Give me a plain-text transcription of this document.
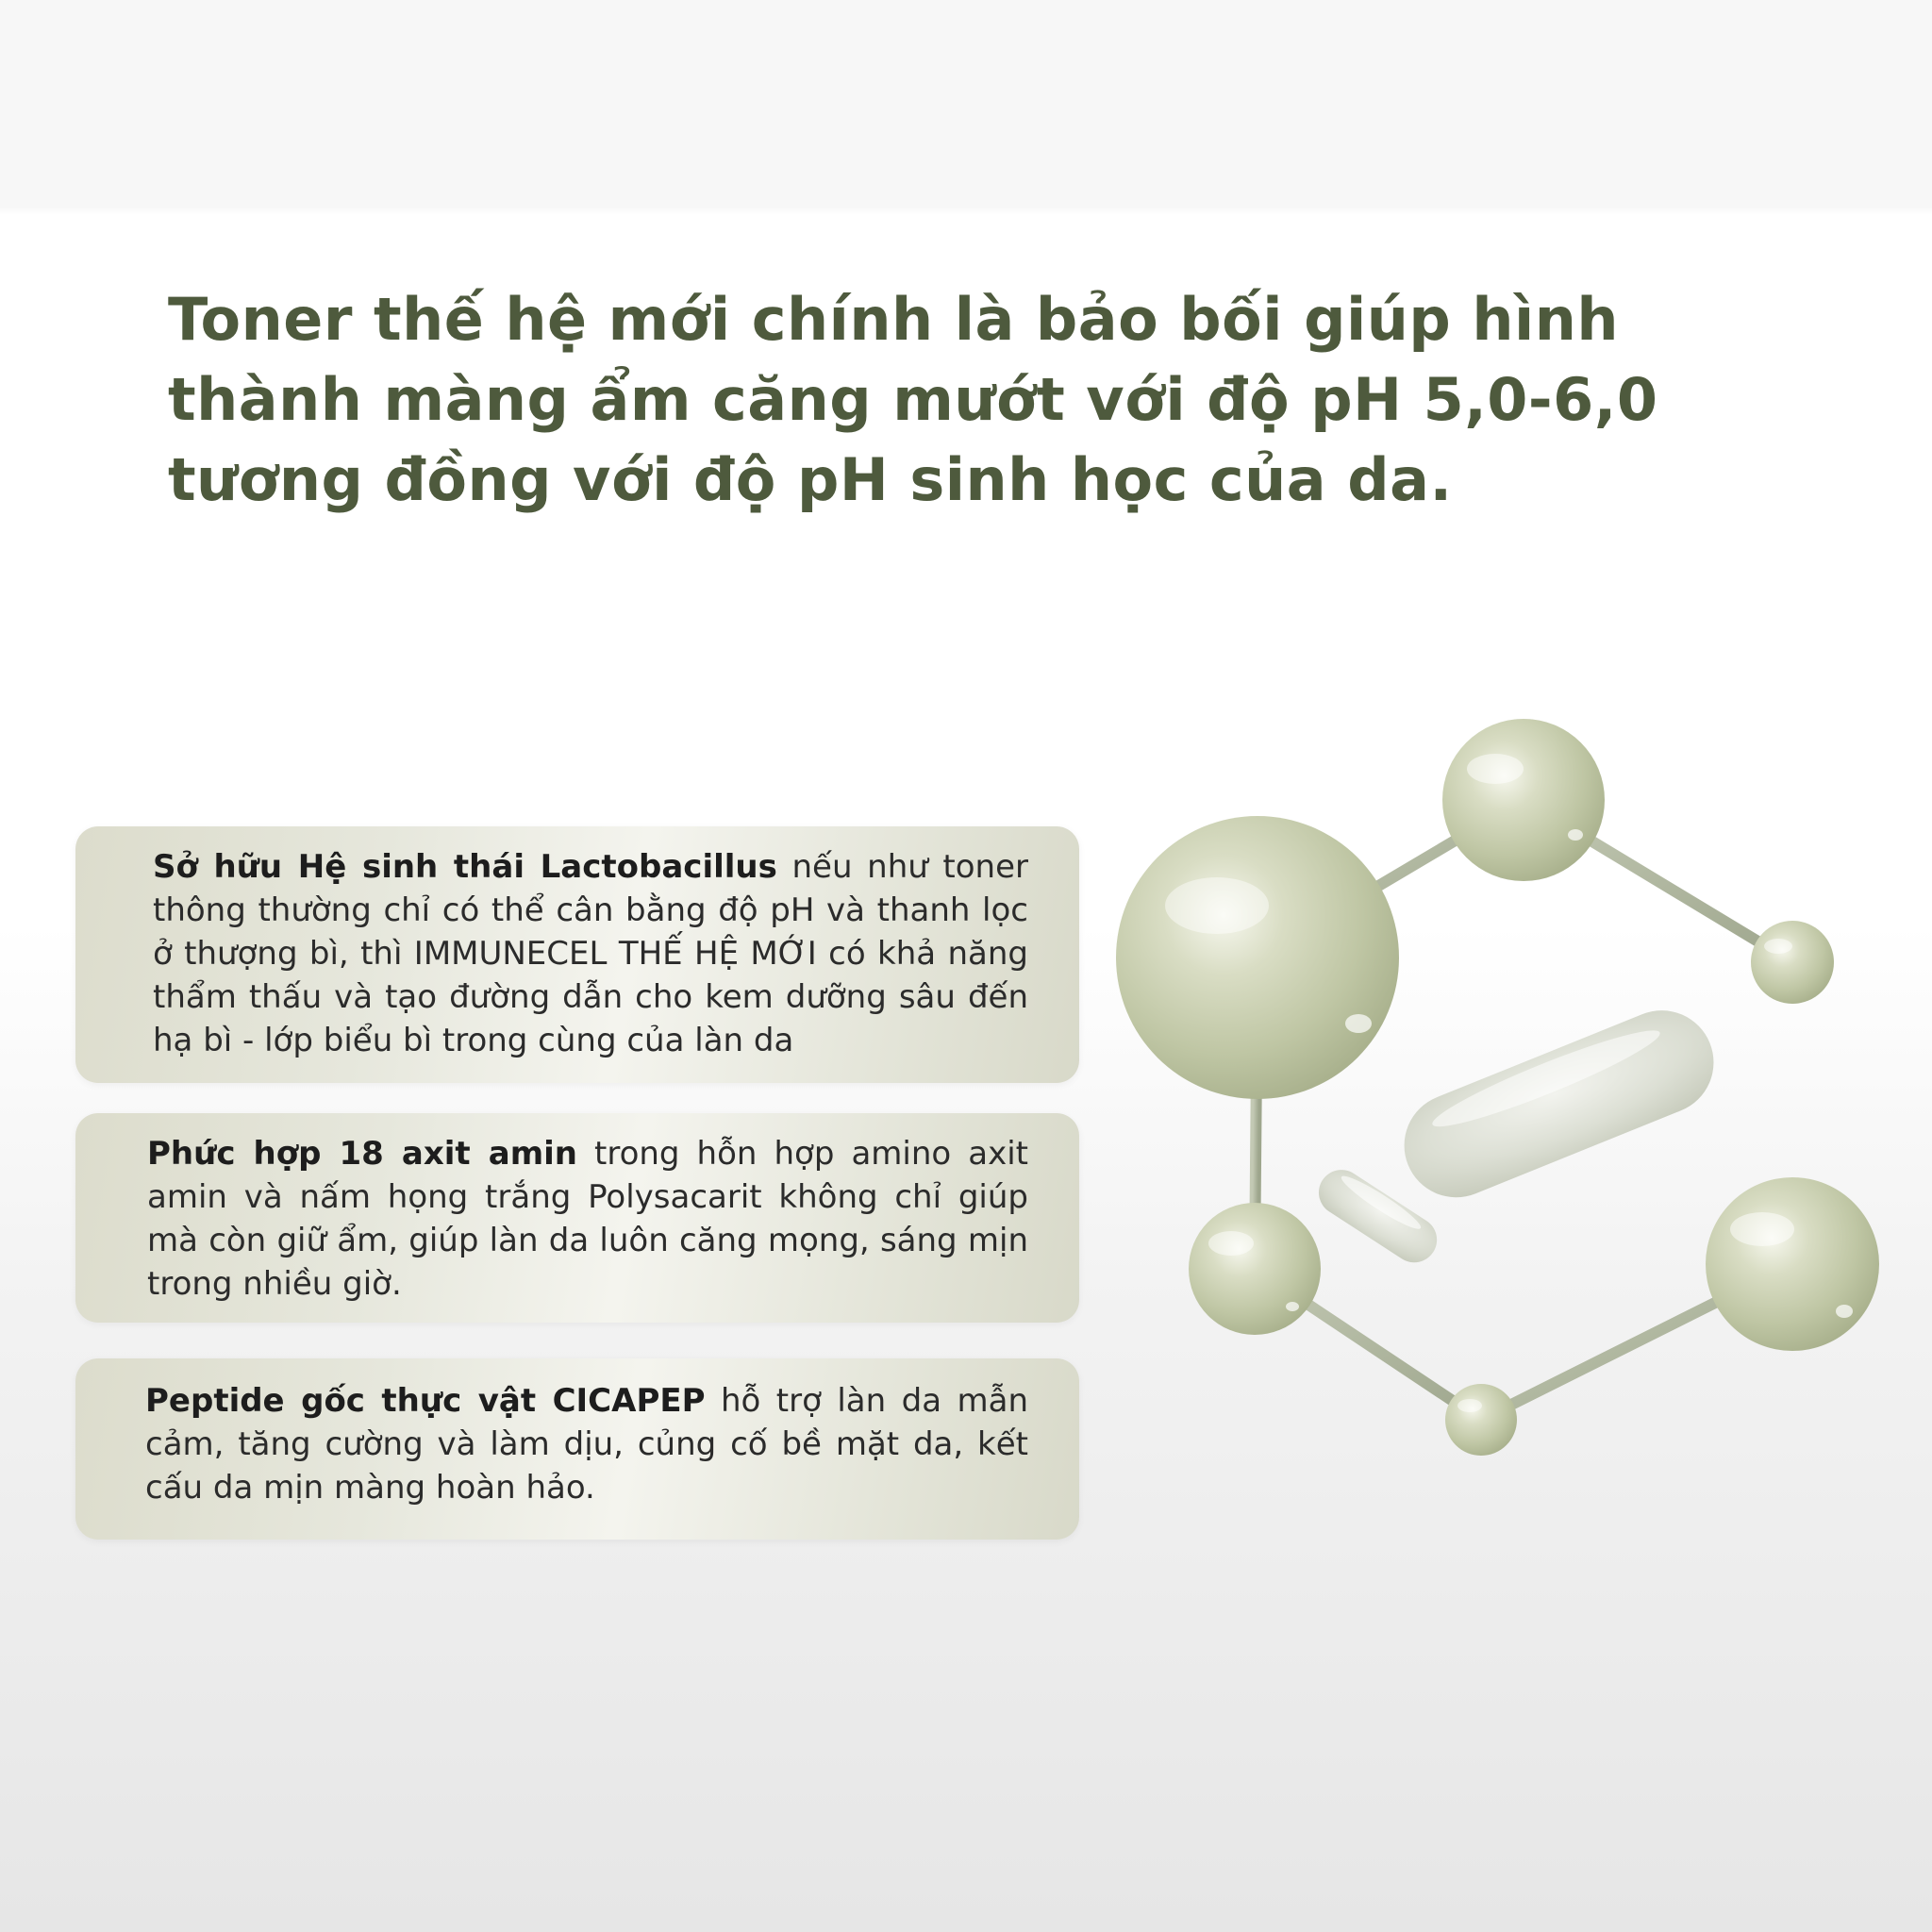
Toner thế hệ mới chính là bảo bối giúp hình thành màng ẩm căng mướt với độ pH 5,0-6,0 tương đồng với độ pH sinh học của da.

Sở hữu Hệ sinh thái Lactobacillus nếu như toner thông thường chỉ có thể cân bằng độ pH và thanh lọc ở thượng bì, thì IMMUNECEL THẾ HỆ MỚI có khả năng thẩm thấu và tạo đường dẫn cho kem dưỡng sâu đến hạ bì - lớp biểu bì trong cùng của làn da

Phức hợp 18 axit amin trong hỗn hợp amino axit amin và nấm họng trắng Polysacarit không chỉ giúp mà còn giữ ẩm, giúp làn da luôn căng mọng, sáng mịn trong nhiều giờ.

Peptide gốc thực vật CICAPEP hỗ trợ làn da mẫn cảm, tăng cường và làm dịu, củng cố bề mặt da, kết cấu da mịn màng hoàn hảo.
